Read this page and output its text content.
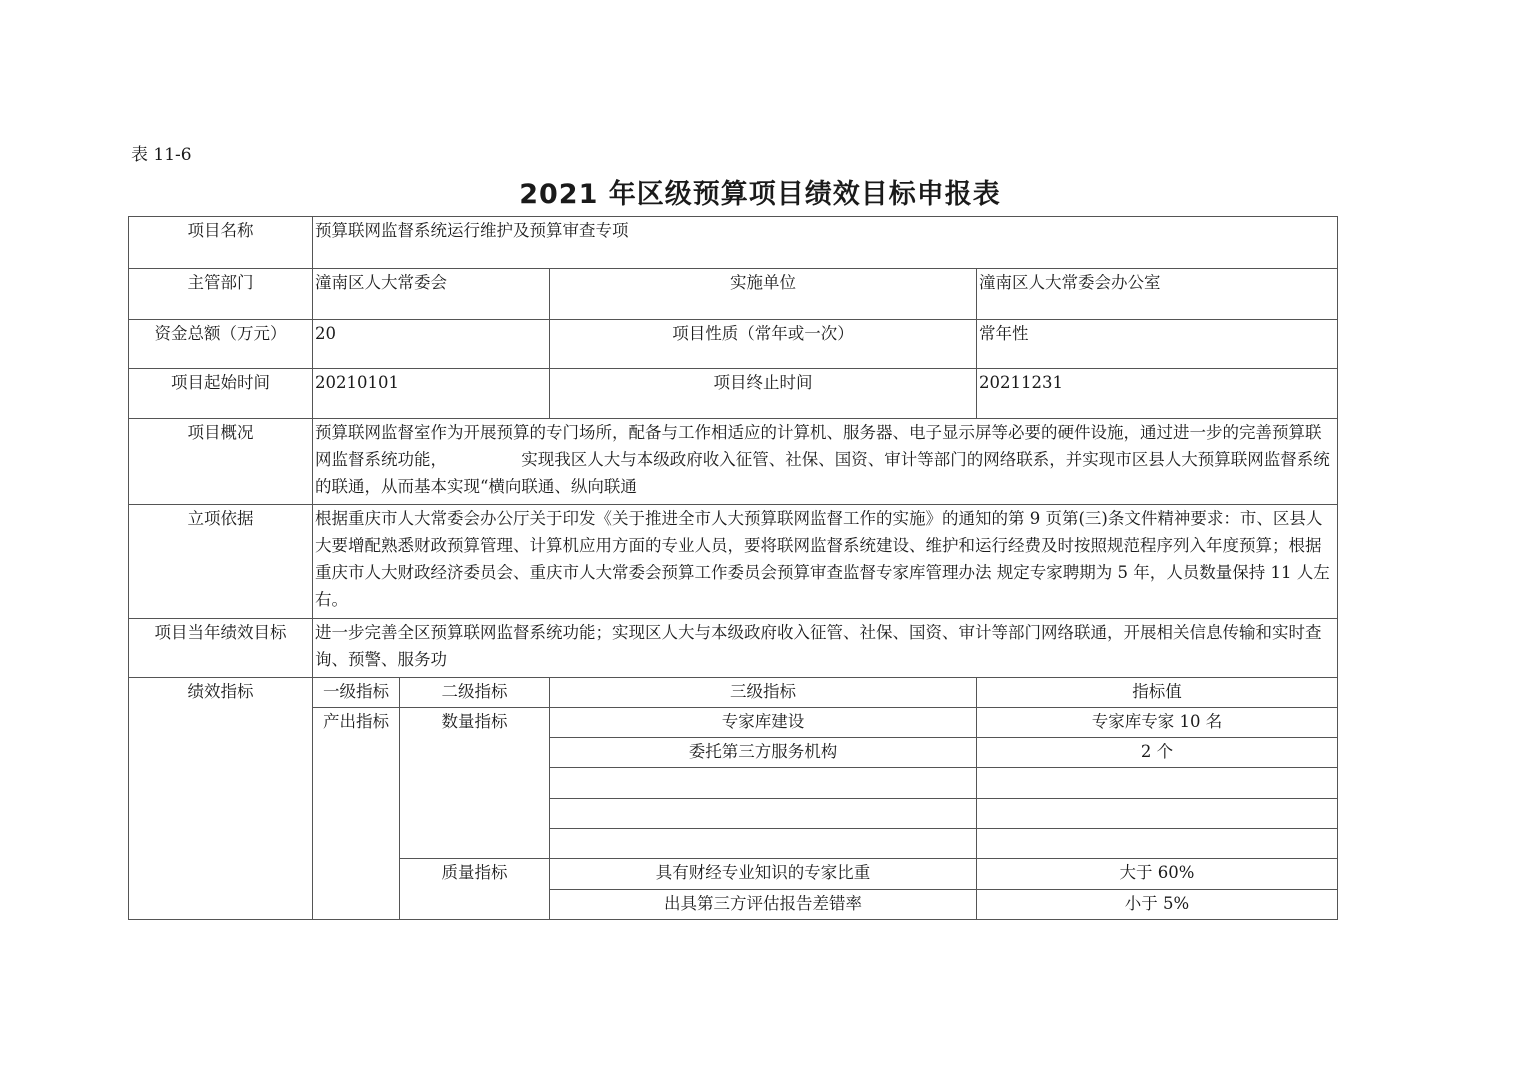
表 11-6
2021 年区级预算项目绩效目标申报表
项目名称	预算联网监督系统运行维护及预算审查专项			
主管部门	潼南区人大常委会		实施单位	潼南区人大常委会办公室
资金总额（万元）	20		项目性质（常年或一次）	常年性
项目起始时间	20210101		项目终止时间	20211231
项目概况	预算联网监督室作为开展预算的专门场所，配备与工作相适应的计算机、服务器、电子显示屏等必要的硬件设施，通过进一步的完善预算联网监督系统功能，　　　　　实现我区人大与本级政府收入征管、社保、国资、审计等部门的网络联系，并实现市区县人大预算联网监督系统的联通，从而基本实现“横向联通、纵向联通			
立项依据	根据重庆市人大常委会办公厅关于印发《关于推进全市人大预算联网监督工作的实施》的通知的第 9 页第(三)条文件精神要求：市、区县人大要增配熟悉财政预算管理、计算机应用方面的专业人员，要将联网监督系统建设、维护和运行经费及时按照规范程序列入年度预算；根据重庆市人大财政经济委员会、重庆市人大常委会预算工作委员会预算审查监督专家库管理办法 规定专家聘期为 5 年，人员数量保持 11 人左右。			
项目当年绩效目标	进一步完善全区预算联网监督系统功能；实现区人大与本级政府收入征管、社保、国资、审计等部门网络联通，开展相关信息传输和实时查询、预警、服务功			
绩效指标	一级指标	二级指标	三级指标	指标值
	产出指标	数量指标	专家库建设	专家库专家 10 名
			委托第三方服务机构	2 个

		质量指标	具有财经专业知识的专家比重	大于 60%
			出具第三方评估报告差错率	小于 5%
